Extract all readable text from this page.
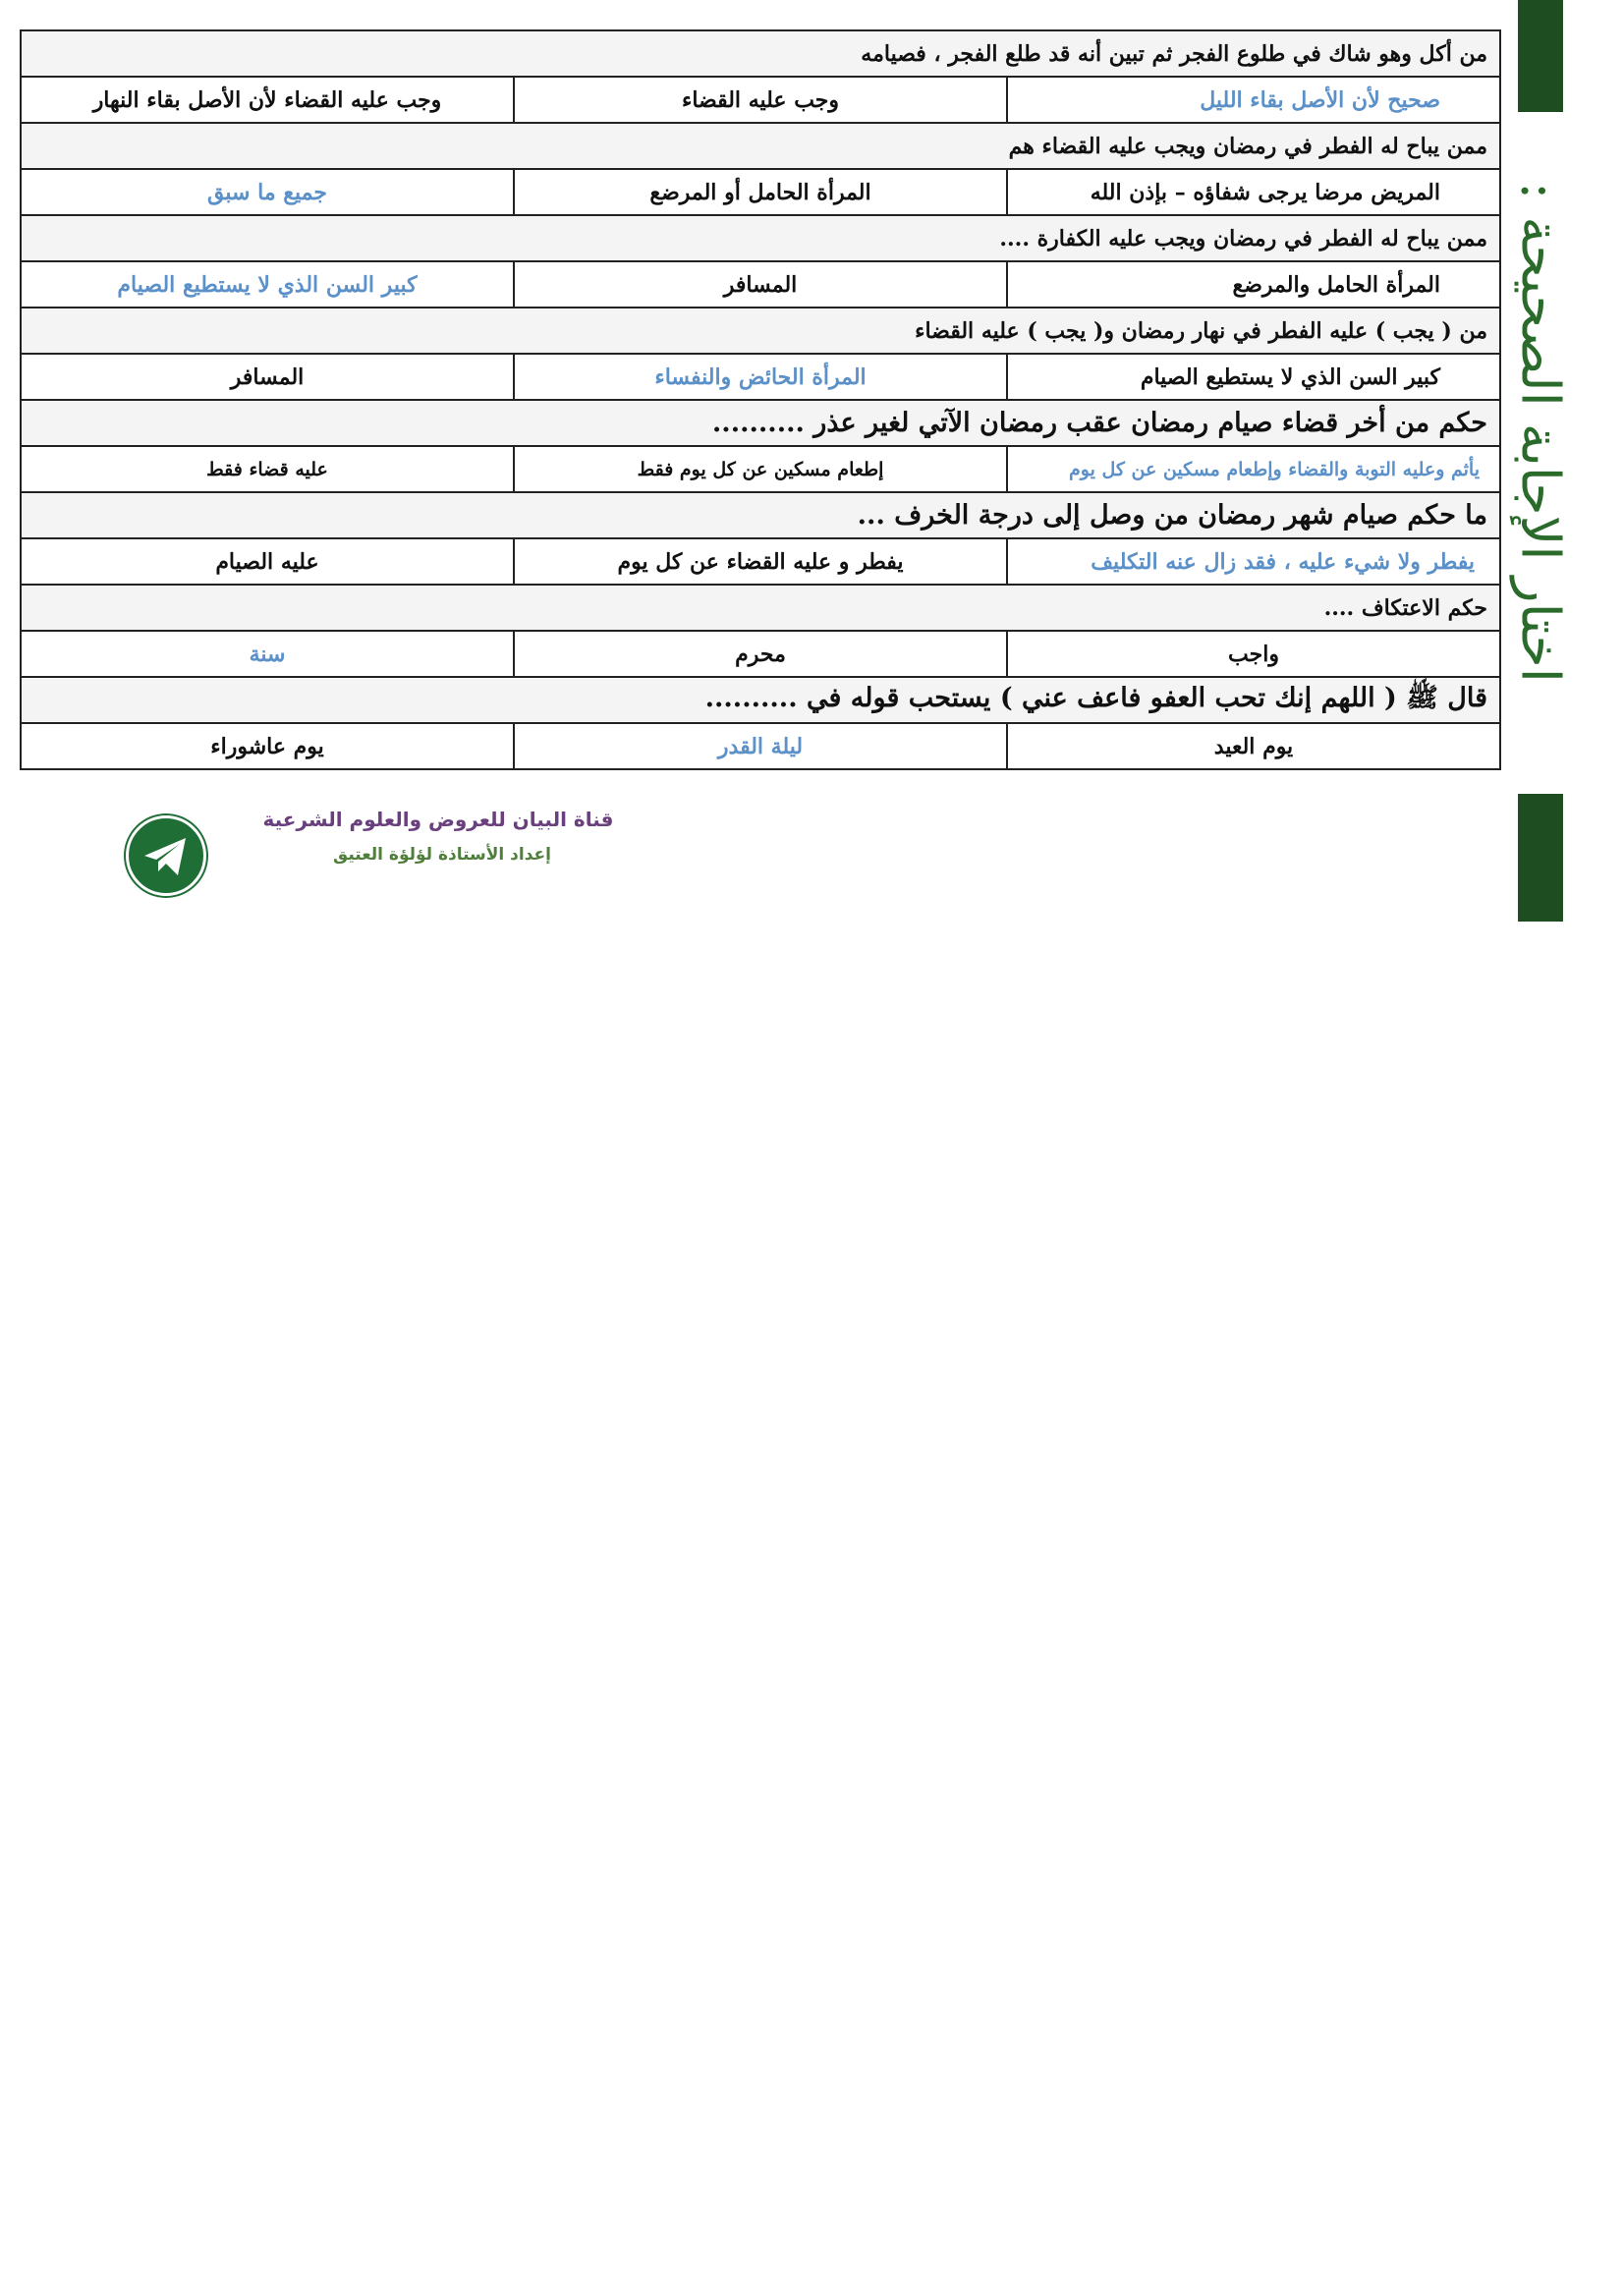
اختار الإجابة الصحيحة :
من أكل وهو شاك في طلوع الفجر ثم تبين أنه قد طلع الفجر ، فصيامه		
صحيح لأن الأصل بقاء الليل	وجب عليه القضاء	وجب عليه القضاء لأن الأصل بقاء النهار
ممن يباح له الفطر في رمضان ويجب عليه القضاء هم		
المريض مرضا يرجى شفاؤه – بإذن الله	المرأة الحامل أو المرضع	جميع ما سبق
ممن يباح له الفطر في رمضان ويجب عليه الكفارة ....		
المرأة الحامل والمرضع	المسافر	كبير السن الذي لا يستطيع الصيام
من ( يجب ) عليه الفطر في نهار رمضان و( يجب ) عليه القضاء		
كبير السن الذي لا يستطيع الصيام	المرأة الحائض والنفساء	المسافر
حكم من أخر قضاء صيام رمضان عقب رمضان الآتي لغير عذر ..........		
يأثم وعليه التوبة والقضاء وإطعام مسكين عن كل يوم	إطعام مسكين عن كل يوم فقط	عليه قضاء فقط
ما حكم صيام شهر رمضان من وصل إلى درجة الخرف ...		
يفطر ولا شيء عليه ، فقد زال عنه التكليف	يفطر و عليه القضاء عن كل يوم	عليه الصيام
حكم الاعتكاف ....		
واجب	محرم	سنة
قال ﷺ ( اللهم إنك تحب العفو فاعف عني ) يستحب قوله في ..........		
يوم العيد	ليلة القدر	يوم عاشوراء
قناة البيان للعروض والعلوم الشرعية
إعداد الأستاذة لؤلؤة العتيق
